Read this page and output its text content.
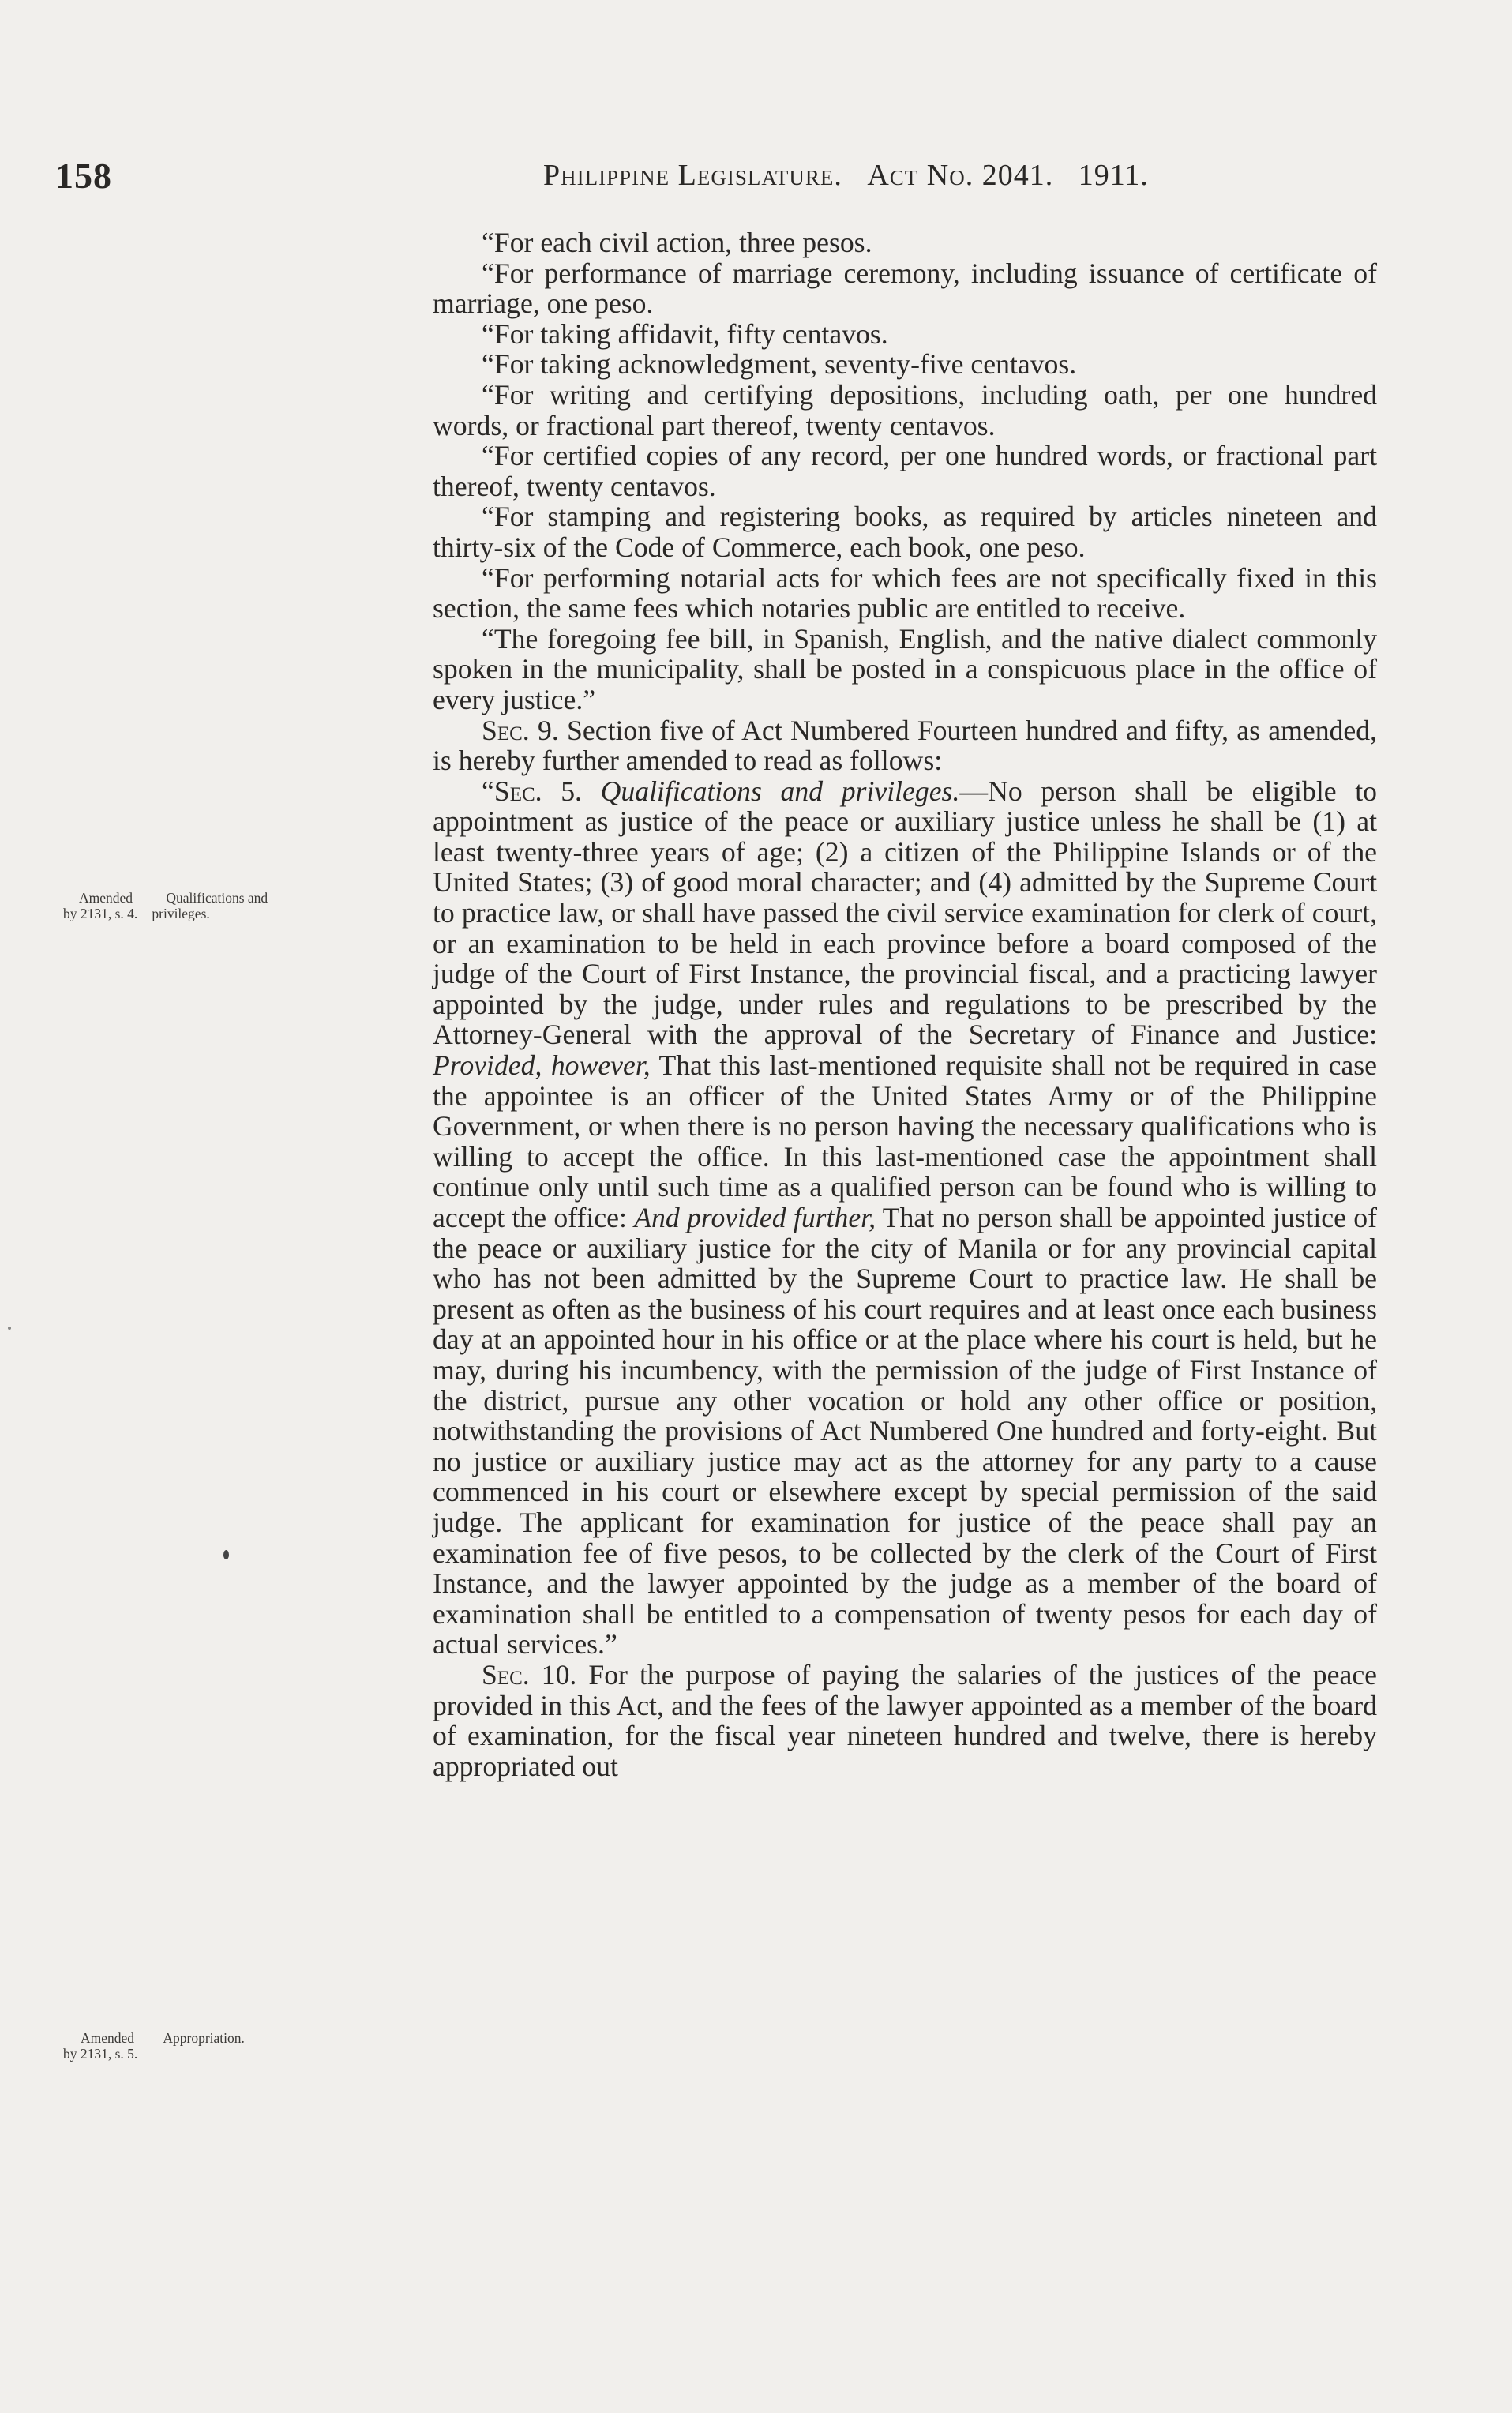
158	Philippine Legislature. Act No. 2041. 1911.
Amended
by 2131, s. 4.

Qualifications and
privileges.
Amended
by 2131, s. 5.

Appropriation.

“For each civil action, three pesos.

“For performance of marriage ceremony, including issuance of certificate of marriage, one peso.

“For taking affidavit, fifty centavos.

“For taking acknowledgment, seventy-five centavos.

“For writing and certifying depositions, including oath, per one hundred words, or fractional part thereof, twenty centavos.

“For certified copies of any record, per one hundred words, or fractional part thereof, twenty centavos.

“For stamping and registering books, as required by articles nineteen and thirty-six of the Code of Commerce, each book, one peso.

“For performing notarial acts for which fees are not specifically fixed in this section, the same fees which notaries public are entitled to receive.

“The foregoing fee bill, in Spanish, English, and the native dialect commonly spoken in the municipality, shall be posted in a conspicuous place in the office of every justice.”

Sec. 9. Section five of Act Numbered Fourteen hundred and fifty, as amended, is hereby further amended to read as follows:

“Sec. 5. Qualifications and privileges.—No person shall be eligible to appointment as justice of the peace or auxiliary justice unless he shall be (1) at least twenty-three years of age; (2) a citizen of the Philippine Islands or of the United States; (3) of good moral character; and (4) admitted by the Supreme Court to practice law, or shall have passed the civil service examination for clerk of court, or an examination to be held in each province before a board composed of the judge of the Court of First Instance, the provincial fiscal, and a practicing lawyer appointed by the judge, under rules and regulations to be prescribed by the Attorney-General with the approval of the Secretary of Finance and Justice: Provided, however, That this last-mentioned requisite shall not be required in case the appointee is an officer of the United States Army or of the Philippine Government, or when there is no person having the necessary qualifications who is willing to accept the office. In this last-mentioned case the appointment shall continue only until such time as a qualified person can be found who is willing to accept the office: And provided further, That no person shall be appointed justice of the peace or auxiliary justice for the city of Manila or for any provincial capital who has not been admitted by the Supreme Court to practice law. He shall be present as often as the business of his court requires and at least once each business day at an appointed hour in his office or at the place where his court is held, but he may, during his incumbency, with the permission of the judge of First Instance of the district, pursue any other vocation or hold any other office or position, notwithstanding the provisions of Act Numbered One hundred and forty-eight. But no justice or auxiliary justice may act as the attorney for any party to a cause commenced in his court or elsewhere except by special permission of the said judge. The applicant for examination for justice of the peace shall pay an examination fee of five pesos, to be collected by the clerk of the Court of First Instance, and the lawyer appointed by the judge as a member of the board of examination shall be entitled to a compensation of twenty pesos for each day of actual services.”

Sec. 10. For the purpose of paying the salaries of the justices of the peace provided in this Act, and the fees of the lawyer appointed as a member of the board of examination, for the fiscal year nineteen hundred and twelve, there is hereby appropriated out
